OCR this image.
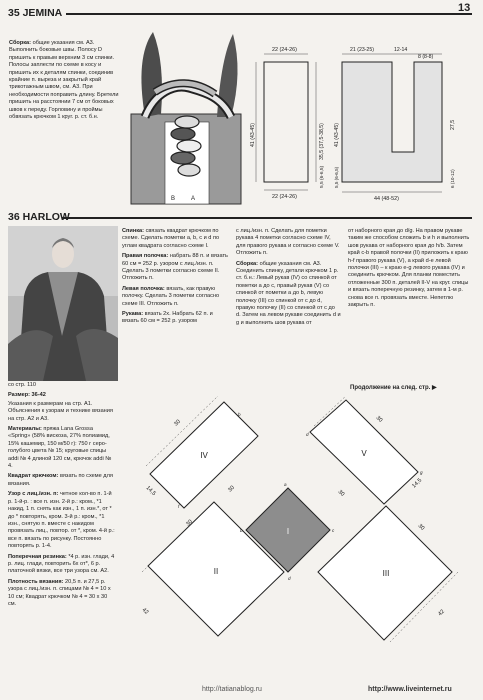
35 JEMINA	13

Сборка: общие указания см. А3. Выполнить боковые швы. Полосу D пришить к правым верхним 3 см спинки. Полосы заплести по схеме в косу и пришить их к деталям спинки, соединив крайние п. выреза и закрытый край трикотажным швом, см. А3. При необходимости поправить длину. Бретели пришить на расстоянии 7 см от боковых швов к переду. Горловину и проймы обвязать крючком 1 круг. р. ст. б.н.

B	A
22 (24-26)
22 (24-26)
41 (43-45)	35,5 (37,5-38,5)
5,5 (6-6,5)
21 (23-25)	12-14
8 (8-8)
44 (48-52)
41 (43-45)	27,5
5,5 (6-6,5)	6 (10-12)
36 HARLOW

со стр. 110

Размер: 36-42

Указания к размерам на стр. А1. Объяснения к узорам и технике вязания на стр. А2 и А3.

Материалы: пряжа Lana Grossa «Spring» (58% вискоза, 27% полиамид, 15% кашемир, 150 м/50 г): 750 г серо-голубого цвета № 15; круговые спицы addi № 4 длиной 120 см, крючок addi № 4.

Квадрат крючком: вязать по схеме для вязания.

Узор с лиц./изн. п: четное кол-во п. 1-й р. 1-й-р. : все п. изн. 2-й р.: кром., *1 накид, 1 п. снять как изн., 1 п. изн.*, от * до * повторять, кром. 3-й р.: кром., *1 изн., снятую п. вместе с накидом провязать лиц., повтор. от *, кром. 4-й р.: все п. вязать по рисунку. Постоянно повторять р. 1-4.

Поперечная резинка: *4 р. изн. глади, 4 р. лиц. глади, повторить 6х от*, 6 р. платочной вязки, все три узора см. А2.

Плотность вязания: 20,5 п. и 27,5 р. узора с лиц./изн. п. спицами № 4 = 10 х 10 см; Квадрат крючком № 4 = 30 х 30 см.

Спинка: связать квадрат крючком по схеме. Сделать пометки а, b, c и d по углам квадрата согласно схеме I.

Правая полочка: набрать 88 п. и вязать 60 см = 252 р. узором с лиц./изн. п. Сделать 3 пометки согласно схеме II. Отложить п.

Левая полочка: вязать, как правую полочку. Сделать 3 пометки согласно схеме III. Отложить п.

Рукава: вязать 2х. Набрать 62 п. и вязать 60 см = 252 р. узором

с лиц./изн. п. Сделать для пометки рукава 4 пометки согласно схеме IV, для правого рукава и согласно схеме V. Отложить п.

Сборка: общие указания см. А3. Соединить спинку, детали крючком 1 р. ст. б.н.: Левый рукав (IV) со спинкой от пометки а до c, правый рукав (V) со спинкой от пометки а до b, левую полочку (III) со спинкой от с до d, правую полочку (II) со спинкой от c до d. Затем на левом рукаве соединить d и g и выполнить шов рукава от

от наборного края до d/g. На правом рукаве таким же способом сложить b и h и выполнить шов рукава от наборного края до h/b. Затем край c-b правой полочки (II) приложить к краю h-f правого рукава (V), а край d-e левой полочки (III) – к краю e-g левого рукава (IV) и соединить крючком. Для планки поместить отложенные 300 п. деталей II-V на круг. спицы и вязать поперечную резинку, затем в 1-м р. снова все п. провязать вместе. Непетлю закрыть п.

Продолжение на след. стр. ▶
IV	V
I
II	III
30	30
14,5
14,5
30
30
42	42
30
30
f
b
d
g
a
c
b
d
http://tatianablog.ru	http://www.liveinternet.ru
